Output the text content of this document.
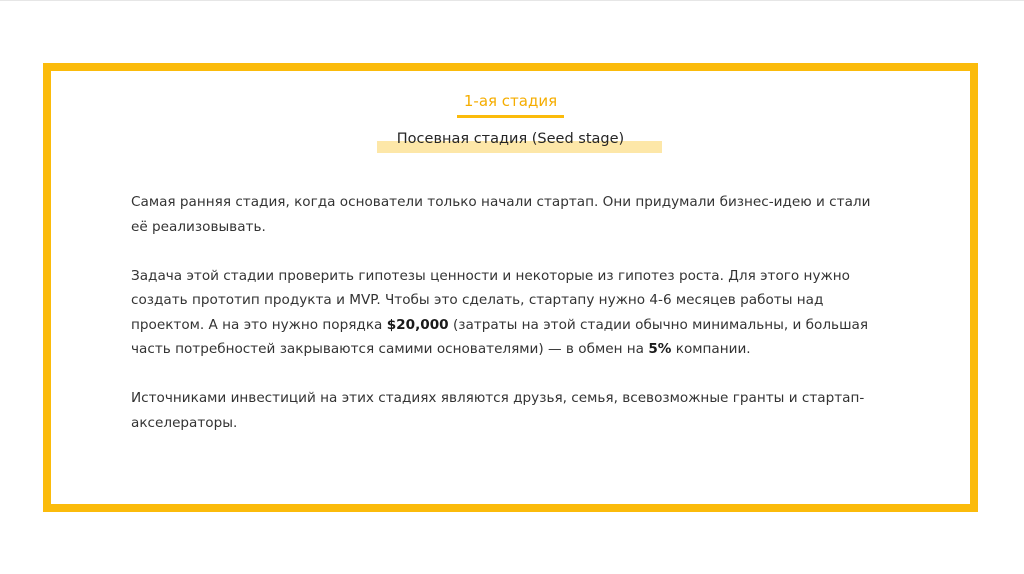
1-ая стадия
Посевная стадия (Seed stage)

Самая ранняя стадия, когда основатели только начали стартап. Они придумали бизнес-идею и стали её реализовывать.

Задача этой стадии проверить гипотезы ценности и некоторые из гипотез роста. Для этого нужно создать прототип продукта и MVP. Чтобы это сделать, стартапу нужно 4-6 месяцев работы над проектом. А на это нужно порядка $20,000 (затраты на этой стадии обычно минимальны, и большая часть потребностей закрываются самими основателями) — в обмен на 5% компании.

Источниками инвестиций на этих стадиях являются друзья, семья, всевозможные гранты и стартап-акселераторы.
